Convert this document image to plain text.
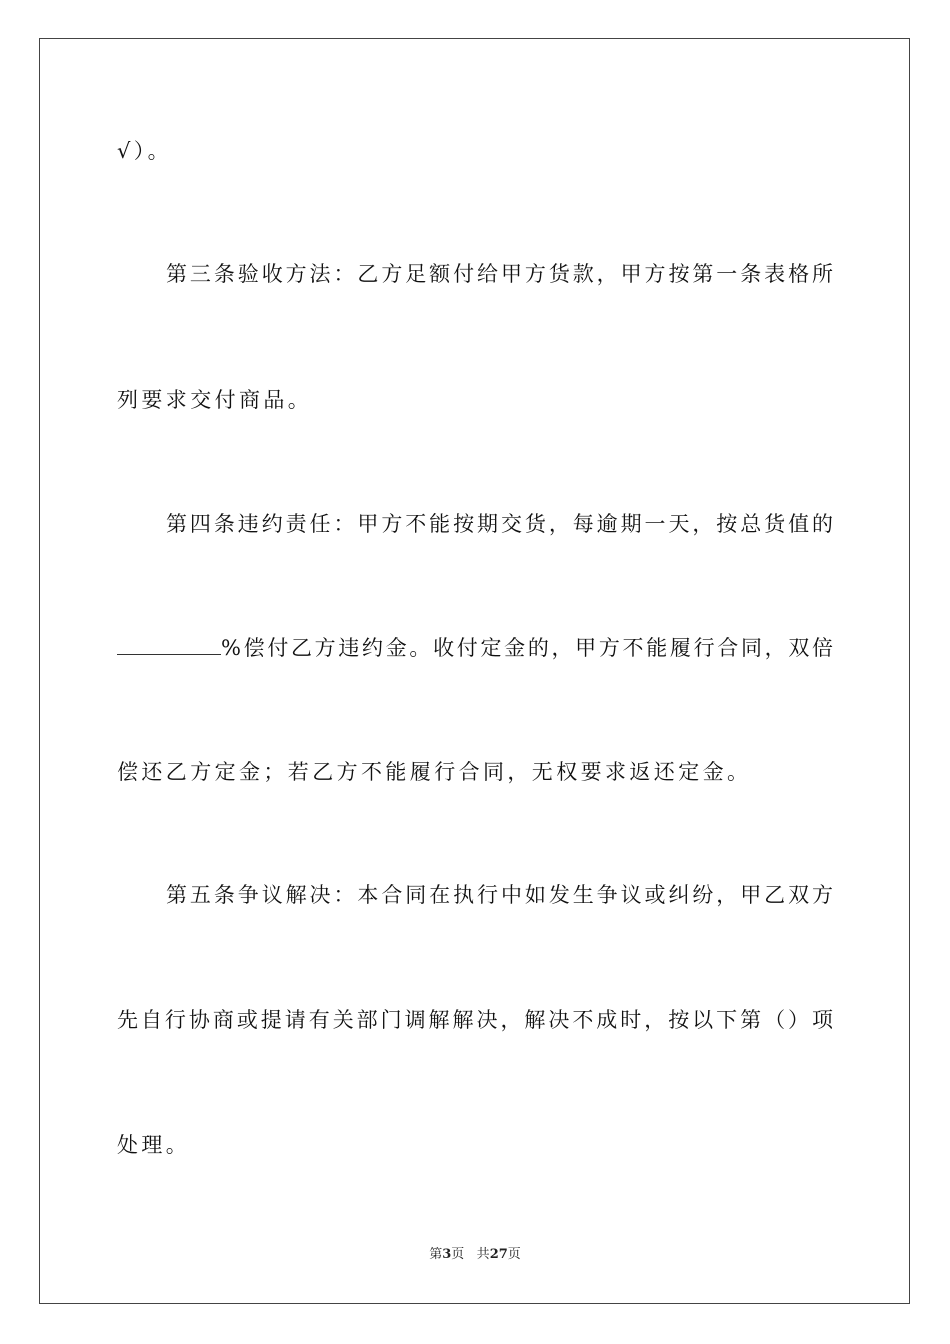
√）。
第三条验收方法：乙方足额付给甲方货款，甲方按第一条表格所
列要求交付商品。
第四条违约责任：甲方不能按期交货，每逾期一天，按总货值的
%偿付乙方违约金。收付定金的，甲方不能履行合同，双倍
偿还乙方定金；若乙方不能履行合同，无权要求返还定金。
第五条争议解决：本合同在执行中如发生争议或纠纷，甲乙双方
先自行协商或提请有关部门调解解决，解决不成时，按以下第（）项
处理。
第3页 共27页
